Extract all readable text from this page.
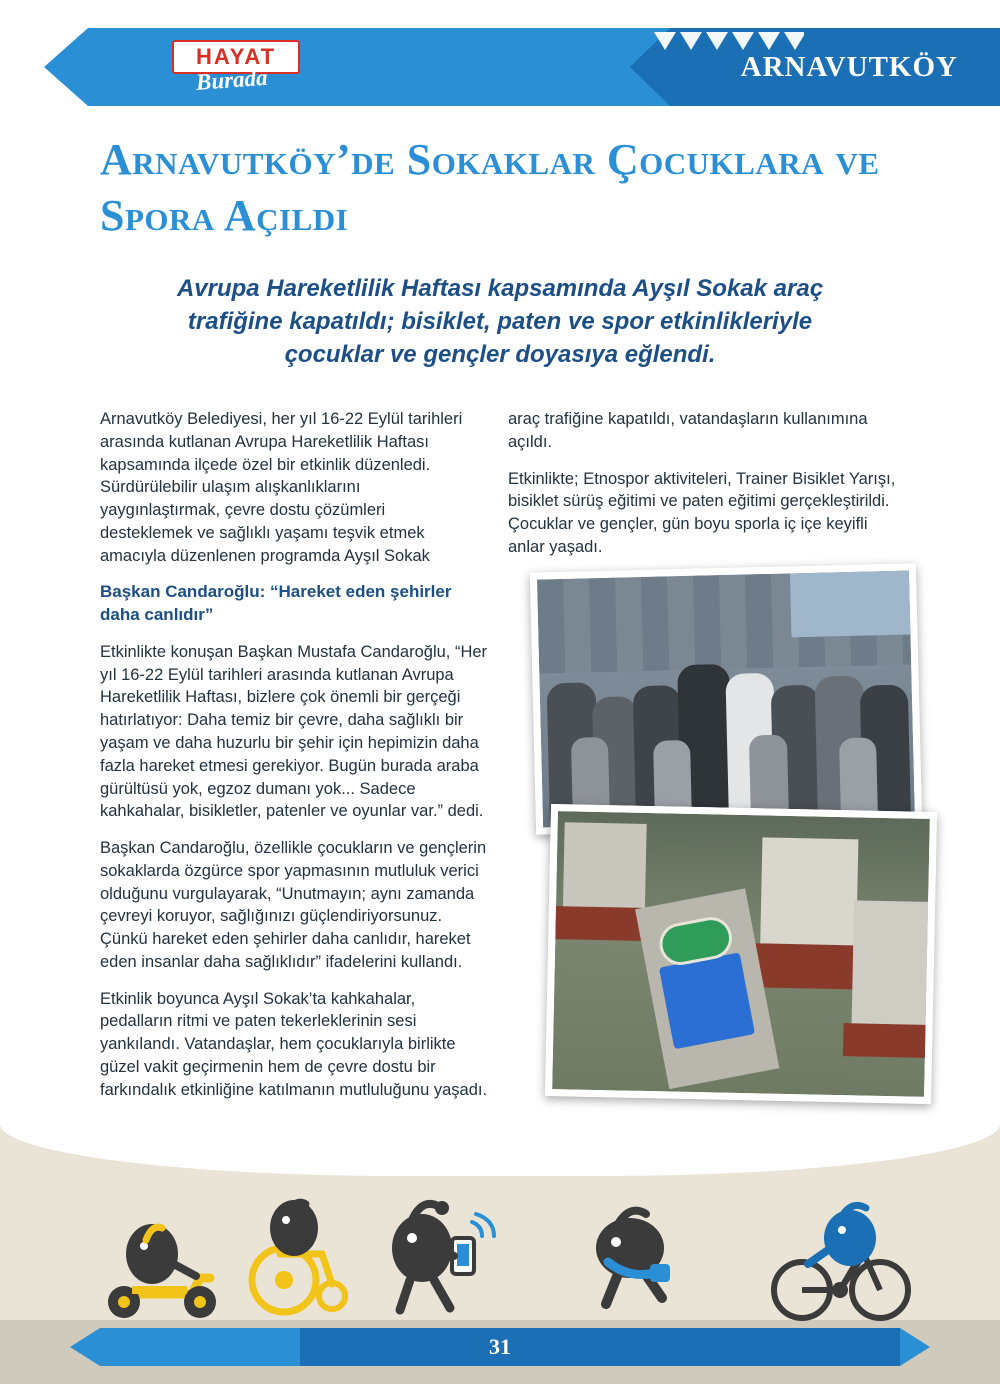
ARNAVUTKÖY
HAYAT
Burada
Arnavutköy’de Sokaklar Çocuklara ve Spora Açıldı
Avrupa Hareketlilik Haftası kapsamında Ayşıl Sokak araç trafiğine kapatıldı; bisiklet, paten ve spor etkinlikleriyle çocuklar ve gençler doyasıya eğlendi.

Arnavutköy Belediyesi, her yıl 16-22 Eylül tarihleri arasında kutlanan Avrupa Hareketlilik Haftası kapsamında ilçede özel bir etkinlik düzenledi. Sürdürülebilir ulaşım alışkanlıklarını yaygınlaştırmak, çevre dostu çözümleri desteklemek ve sağlıklı yaşamı teşvik etmek amacıyla düzenlenen programda Ayşıl Sokak

araç trafiğine kapatıldı, vatandaşların kullanımına açıldı.

Etkinlikte; Etnospor aktiviteleri, Trainer Bisiklet Yarışı, bisiklet sürüş eğitimi ve paten eğitimi gerçekleştirildi. Çocuklar ve gençler, gün boyu sporla iç içe keyifli anlar yaşadı.

Başkan Candaroğlu: “Hareket eden şehirler daha canlıdır”

Etkinlikte konuşan Başkan Mustafa Candaroğlu, “Her yıl 16-22 Eylül tarihleri arasında kutlanan Avrupa Hareketlilik Haftası, bizlere çok önemli bir gerçeği hatırlatıyor: Daha temiz bir çevre, daha sağlıklı bir yaşam ve daha huzurlu bir şehir için hepimizin daha fazla hareket etmesi gerekiyor. Bugün burada araba gürültüsü yok, egzoz dumanı yok... Sadece kahkahalar, bisikletler, patenler ve oyunlar var.” dedi.

Başkan Candaroğlu, özellikle çocukların ve gençlerin sokaklarda özgürce spor yapmasının mutluluk verici olduğunu vurgulayarak, “Unutmayın; aynı zamanda çevreyi koruyor, sağlığınızı güçlendiriyorsunuz. Çünkü hareket eden şehirler daha canlıdır, hareket eden insanlar daha sağlıklıdır” ifadelerini kullandı.

Etkinlik boyunca Ayşıl Sokak’ta kahkahalar, pedalların ritmi ve paten tekerleklerinin sesi yankılandı. Vatandaşlar, hem çocuklarıyla birlikte güzel vakit geçirmenin hem de çevre dostu bir farkındalık etkinliğine katılmanın mutluluğunu yaşadı.

31
